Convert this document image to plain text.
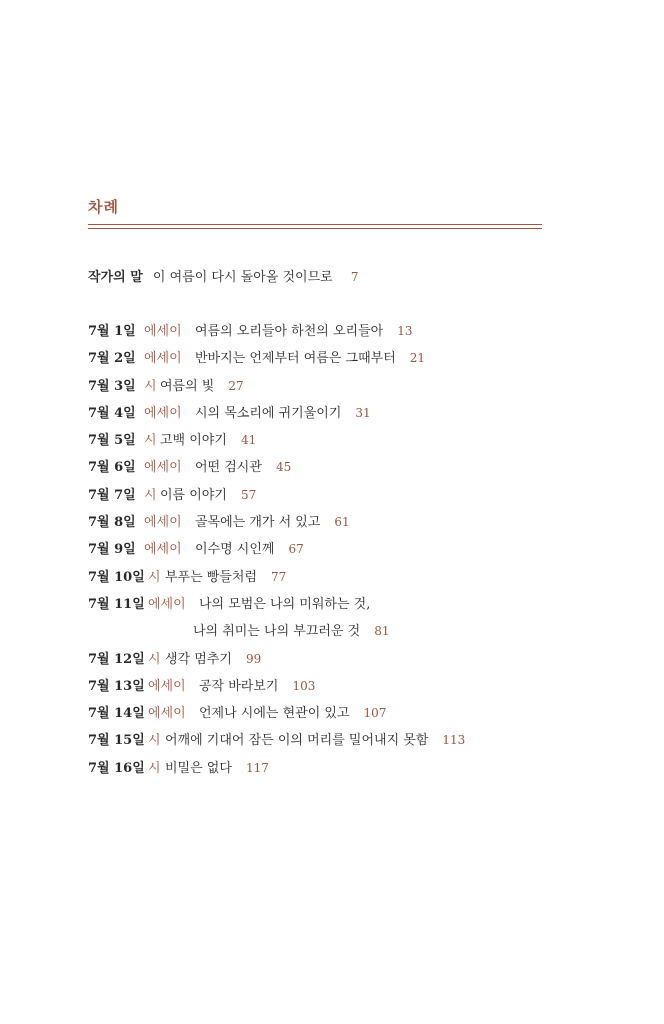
차례
작가의 말 이 여름이 다시 돌아올 것이므로 7
7월 1일 에세이 여름의 오리들아 하천의 오리들아 13
7월 2일 에세이 반바지는 언제부터 여름은 그때부터 21
7월 3일 시 여름의 빛 27
7월 4일 에세이 시의 목소리에 귀기울이기 31
7월 5일 시 고백 이야기 41
7월 6일 에세이 어떤 검시관 45
7월 7일 시 이름 이야기 57
7월 8일 에세이 골목에는 개가 서 있고 61
7월 9일 에세이 이수명 시인께 67
7월 10일 시 부푸는 빵들처럼 77
7월 11일 에세이 나의 모범은 나의 미워하는 것,
나의 취미는 나의 부끄러운 것 81
7월 12일 시 생각 멈추기 99
7월 13일 에세이 공작 바라보기 103
7월 14일 에세이 언제나 시에는 현관이 있고 107
7월 15일 시 어깨에 기대어 잠든 이의 머리를 밀어내지 못함 113
7월 16일 시 비밀은 없다 117
